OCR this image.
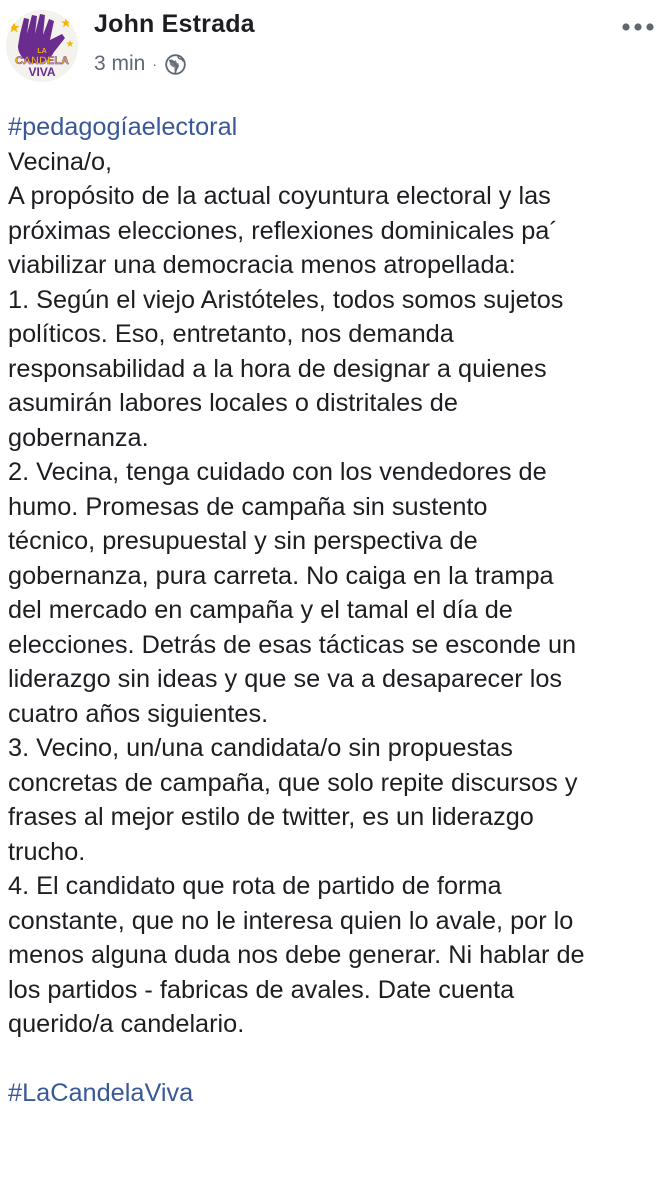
LA
CANDELA
VIVA
John Estrada
3 min ·
#pedagogíaelectoral
Vecina/o,
A propósito de la actual coyuntura electoral y las
próximas elecciones, reflexiones dominicales pa´
viabilizar una democracia menos atropellada:
1. Según el viejo Aristóteles, todos somos sujetos
políticos. Eso, entretanto, nos demanda
responsabilidad a la hora de designar a quienes
asumirán labores locales o distritales de
gobernanza.
2. Vecina, tenga cuidado con los vendedores de
humo. Promesas de campaña sin sustento
técnico, presupuestal y sin perspectiva de
gobernanza, pura carreta. No caiga en la trampa
del mercado en campaña y el tamal el día de
elecciones. Detrás de esas tácticas se esconde un
liderazgo sin ideas y que se va a desaparecer los
cuatro años siguientes.
3. Vecino, un/una candidata/o sin propuestas
concretas de campaña, que solo repite discursos y
frases al mejor estilo de twitter, es un liderazgo
trucho.
4. El candidato que rota de partido de forma
constante, que no le interesa quien lo avale, por lo
menos alguna duda nos debe generar. Ni hablar de
los partidos - fabricas de avales. Date cuenta
querido/a candelario.
#LaCandelaViva
